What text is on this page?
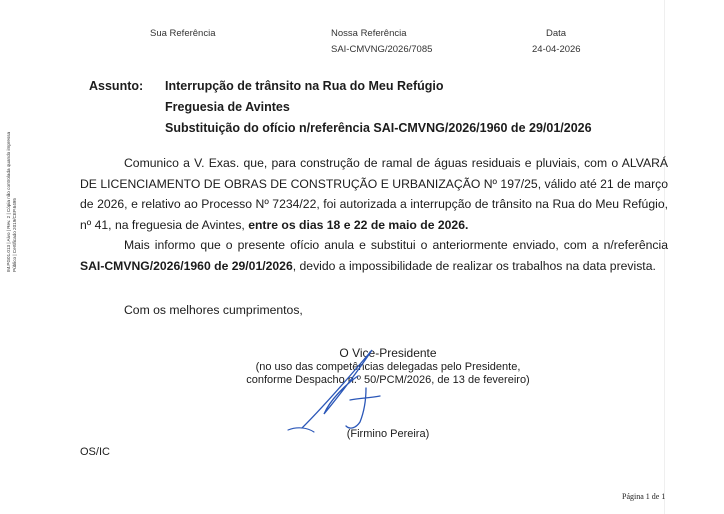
Sua Referência	Nossa Referência
SAI-CMVNG/2026/7085
Data
24-04-2026
IM.PG01.013 | Aivo | Rev. 2 | Cópia não controlada quando impressa Público | Certificado 2019/CEP.6495
Assunto: Interrupção de trânsito na Rua do Meu Refúgio
Freguesia de Avintes
Substituição do ofício n/referência SAI-CMVNG/2026/1960 de 29/01/2026
Comunico a V. Exas. que, para construção de ramal de águas residuais e pluviais, com o ALVARÁ DE LICENCIAMENTO DE OBRAS DE CONSTRUÇÃO E URBANIZAÇÃO Nº 197/25, válido até 21 de março de 2026, e relativo ao Processo Nº 7234/22, foi autorizada a interrupção de trânsito na Rua do Meu Refúgio, nº 41, na freguesia de Avintes, entre os dias 18 e 22 de maio de 2026.
Mais informo que o presente ofício anula e substitui o anteriormente enviado, com a n/referência SAI-CMVNG/2026/1960 de 29/01/2026, devido a impossibilidade de realizar os trabalhos na data prevista.
Com os melhores cumprimentos,
O Vice-Presidente
(no uso das competências delegadas pelo Presidente,
conforme Despacho n.º 50/PCM/2026, de 13 de fevereiro)
(Firmino Pereira)
OS/IC
Página 1 de 1
